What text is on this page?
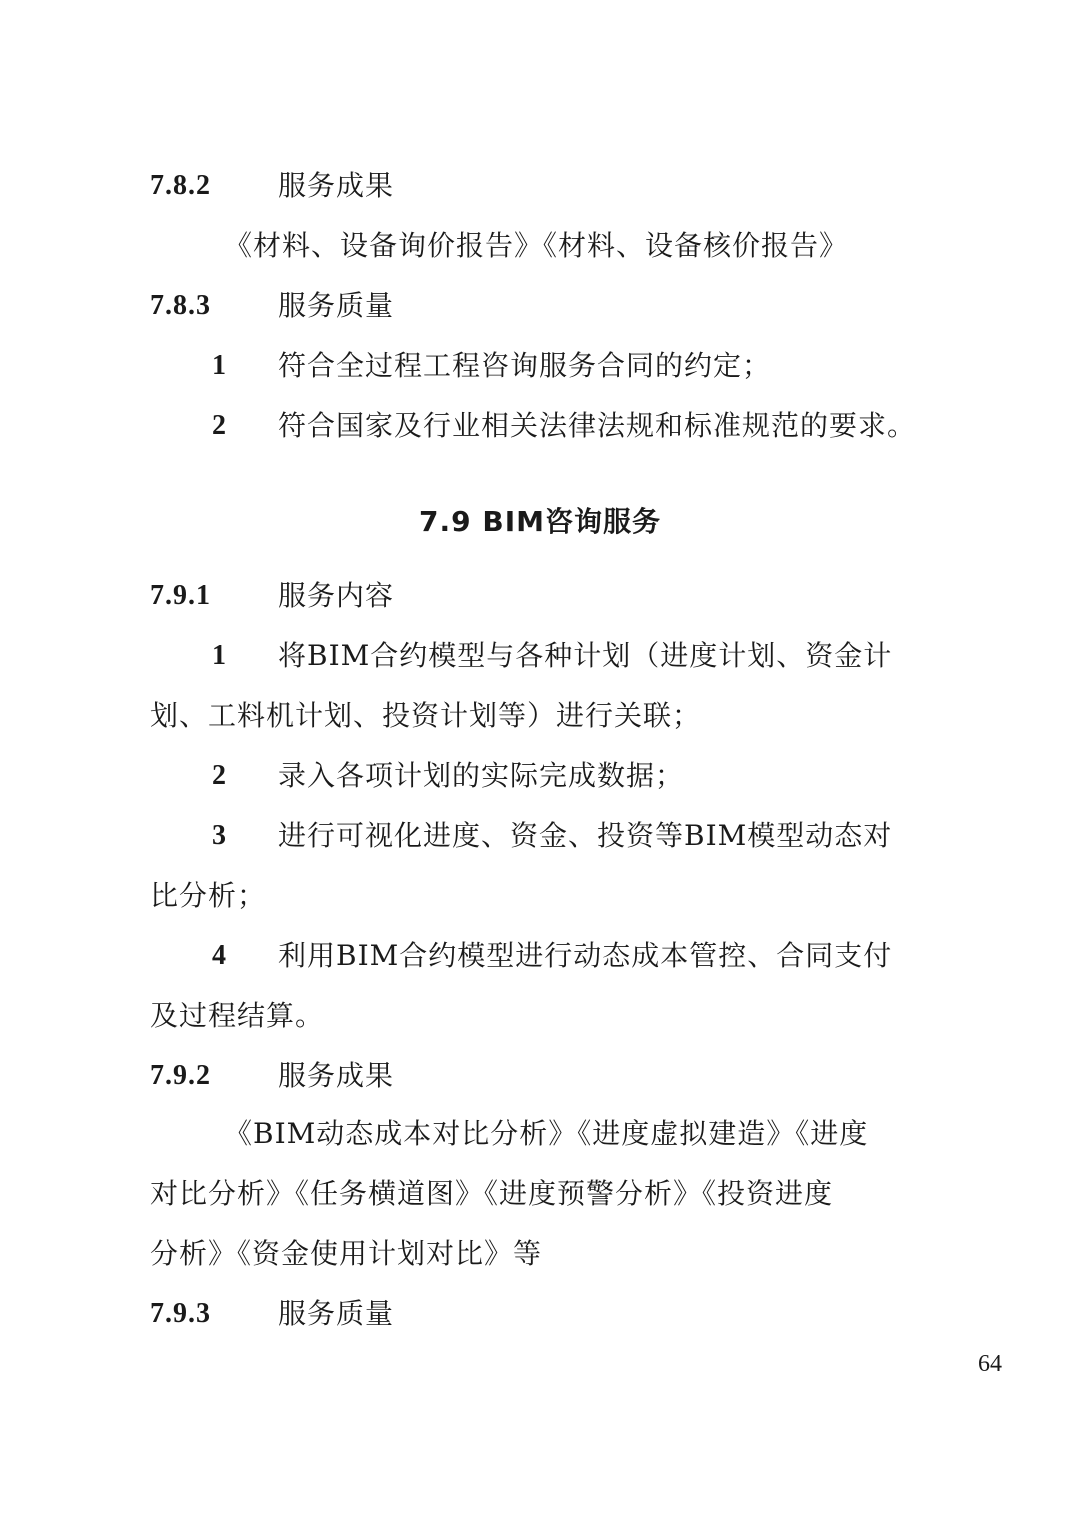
7.8.2 服务成果
《材料、设备询价报告》《材料、设备核价报告》
7.8.3 服务质量
1 符合全过程工程咨询服务合同的约定；
2 符合国家及行业相关法律法规和标准规范的要求。
7.9 BIM咨询服务
7.9.1 服务内容
1 将BIM合约模型与各种计划（进度计划、资金计
划、工料机计划、投资计划等）进行关联；
2 录入各项计划的实际完成数据；
3 进行可视化进度、资金、投资等BIM模型动态对
比分析；
4 利用BIM合约模型进行动态成本管控、合同支付
及过程结算。
7.9.2 服务成果
《BIM动态成本对比分析》《进度虚拟建造》《进度
对比分析》《任务横道图》《进度预警分析》《投资进度
分析》《资金使用计划对比》等
7.9.3 服务质量
64
